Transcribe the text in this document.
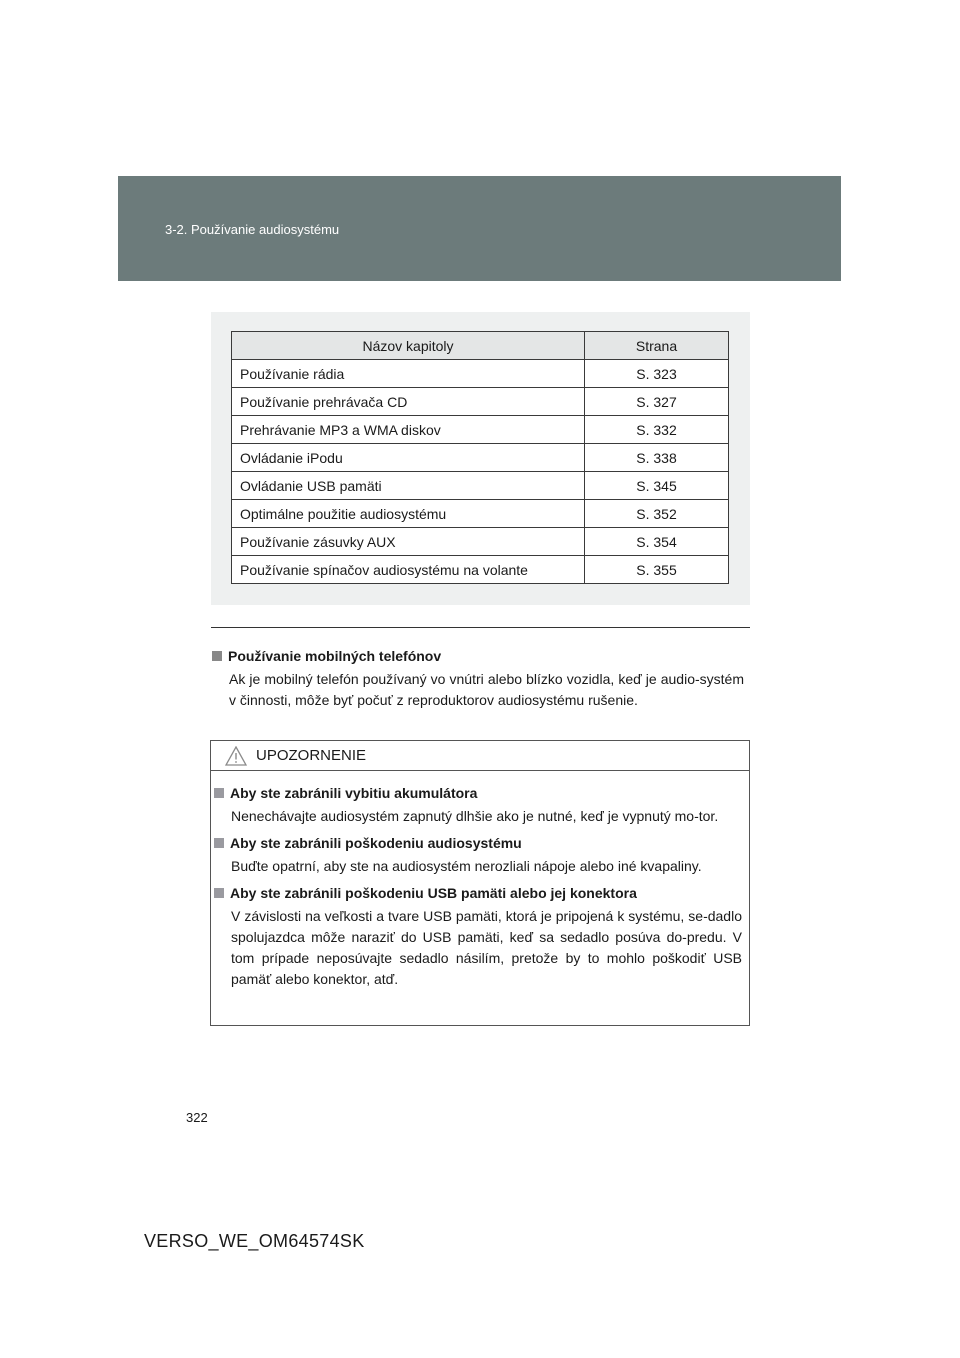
3-2. Používanie audiosystému
Názov kapitoly	Strana
Používanie rádia	S. 323
Používanie prehrávača CD	S. 327
Prehrávanie MP3 a WMA diskov	S. 332
Ovládanie iPodu	S. 338
Ovládanie USB pamäti	S. 345
Optimálne použitie audiosystému	S. 352
Používanie zásuvky AUX	S. 354
Používanie spínačov audiosystému na volante	S. 355
Používanie mobilných telefónov
Ak je mobilný telefón používaný vo vnútri alebo blízko vozidla, keď je audio-systém v činnosti, môže byť počuť z reproduktorov audiosystému rušenie.
UPOZORNENIE
Aby ste zabránili vybitiu akumulátora
Nenechávajte audiosystém zapnutý dlhšie ako je nutné, keď je vypnutý mo-tor.
Aby ste zabránili poškodeniu audiosystému
Buďte opatrní, aby ste na audiosystém nerozliali nápoje alebo iné kvapaliny.
Aby ste zabránili poškodeniu USB pamäti alebo jej konektora
V závislosti na veľkosti a tvare USB pamäti, ktorá je pripojená k systému, se-dadlo spolujazdca môže naraziť do USB pamäti, keď sa sedadlo posúva do-predu. V tom prípade neposúvajte sedadlo násilím, pretože by to mohlo poškodiť USB pamäť alebo konektor, atď.
322
VERSO_WE_OM64574SK
